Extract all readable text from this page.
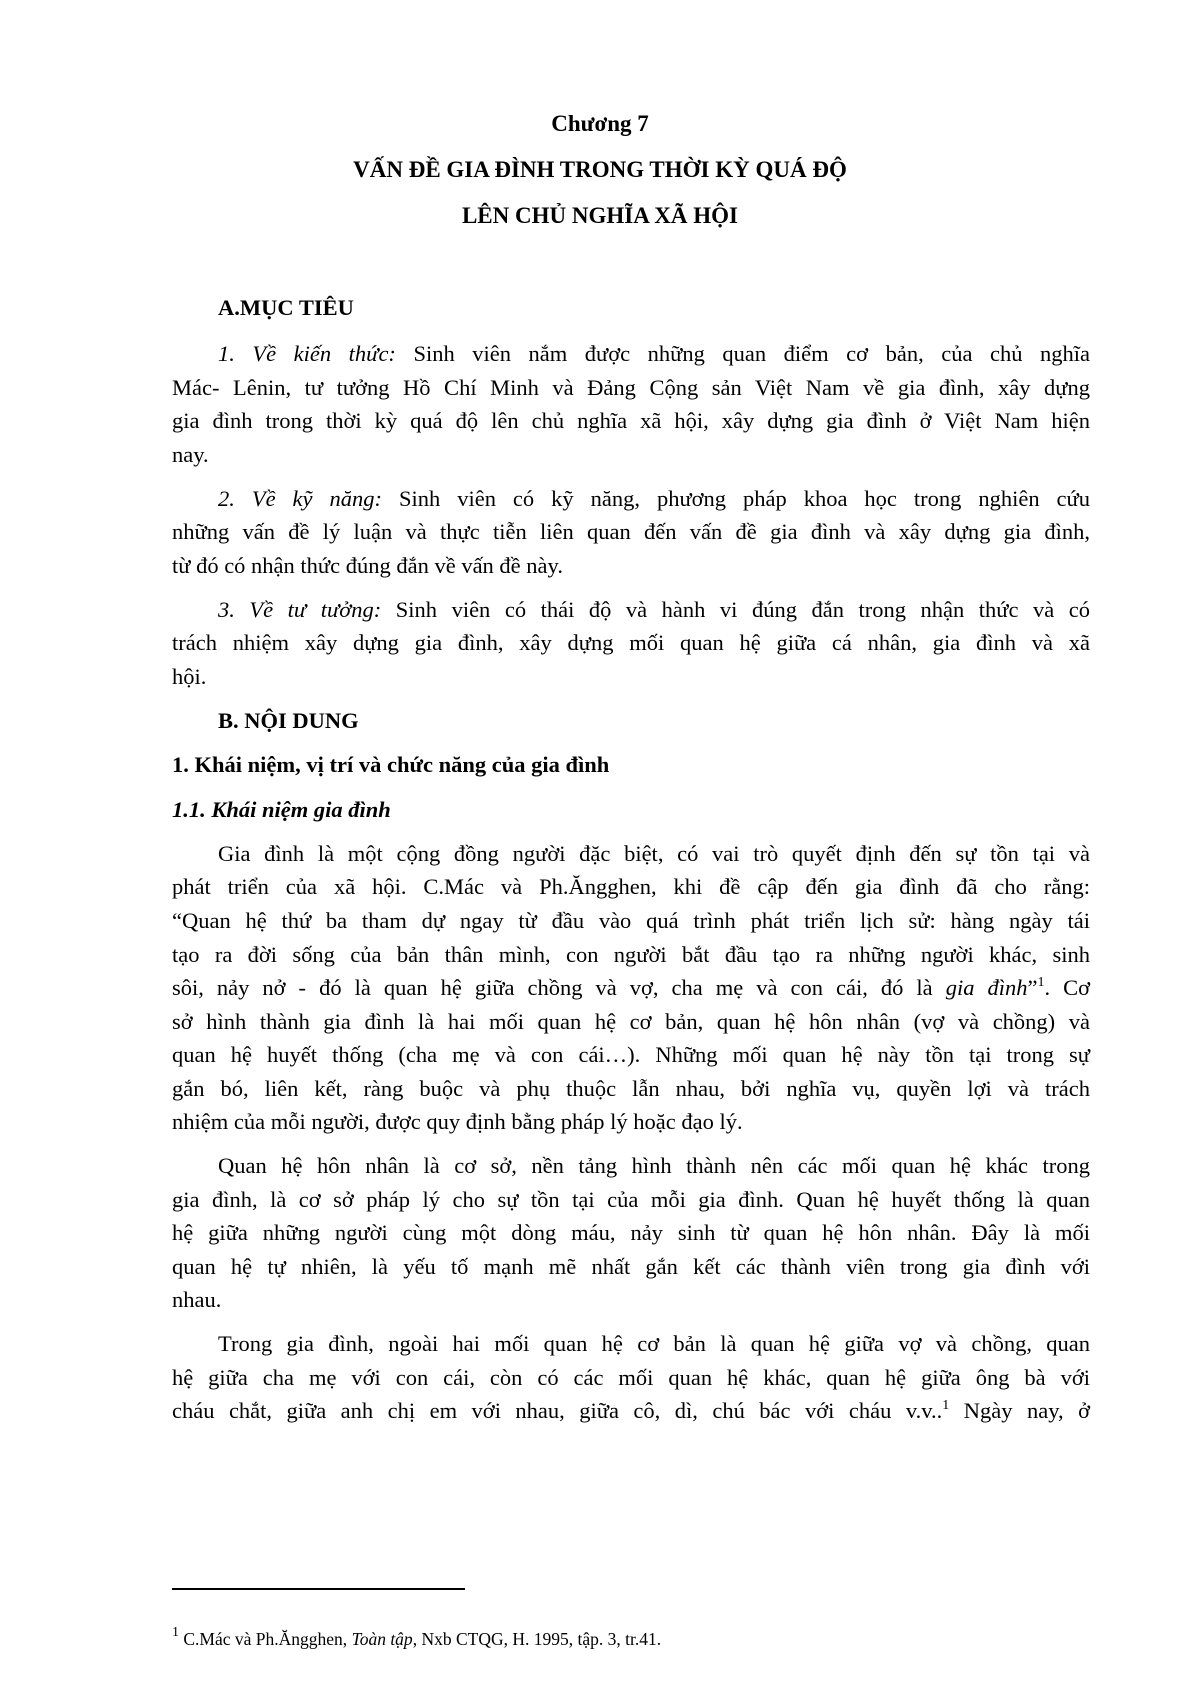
Chương 7
VẤN ĐỀ GIA ĐÌNH TRONG THỜI KỲ QUÁ ĐỘ
LÊN CHỦ NGHĨA XÃ HỘI
A.MỤC TIÊU
1. Về kiến thức: Sinh viên nắm được những quan điểm cơ bản, của chủ nghĩa
Mác- Lênin, tư tưởng Hồ Chí Minh và Đảng Cộng sản Việt Nam về gia đình, xây dựng
gia đình trong thời kỳ quá độ lên chủ nghĩa xã hội, xây dựng gia đình ở Việt Nam hiện
nay.
2. Về kỹ năng: Sinh viên có kỹ năng, phương pháp khoa học trong nghiên cứu
những vấn đề lý luận và thực tiễn liên quan đến vấn đề gia đình và xây dựng gia đình,
từ đó có nhận thức đúng đắn về vấn đề này.
3. Về tư tưởng: Sinh viên có thái độ và hành vi đúng đắn trong nhận thức và có
trách nhiệm xây dựng gia đình, xây dựng mối quan hệ giữa cá nhân, gia đình và xã
hội.
B. NỘI DUNG
1. Khái niệm, vị trí và chức năng của gia đình
1.1. Khái niệm gia đình
Gia đình là một cộng đồng người đặc biệt, có vai trò quyết định đến sự tồn tại và
phát triển của xã hội. C.Mác và Ph.Ăngghen, khi đề cập đến gia đình đã cho rằng:
“Quan hệ thứ ba tham dự ngay từ đầu vào quá trình phát triển lịch sử: hàng ngày tái
tạo ra đời sống của bản thân mình, con người bắt đầu tạo ra những người khác, sinh
sôi, nảy nở - đó là quan hệ giữa chồng và vợ, cha mẹ và con cái, đó là gia đình”$^1$. Cơ
sở hình thành gia đình là hai mối quan hệ cơ bản, quan hệ hôn nhân (vợ và chồng) và
quan hệ huyết thống (cha mẹ và con cái…). Những mối quan hệ này tồn tại trong sự
gắn bó, liên kết, ràng buộc và phụ thuộc lẫn nhau, bởi nghĩa vụ, quyền lợi và trách
nhiệm của mỗi người, được quy định bằng pháp lý hoặc đạo lý.
Quan hệ hôn nhân là cơ sở, nền tảng hình thành nên các mối quan hệ khác trong
gia đình, là cơ sở pháp lý cho sự tồn tại của mỗi gia đình. Quan hệ huyết thống là quan
hệ giữa những người cùng một dòng máu, nảy sinh từ quan hệ hôn nhân. Đây là mối
quan hệ tự nhiên, là yếu tố mạnh mẽ nhất gắn kết các thành viên trong gia đình với
nhau.
Trong gia đình, ngoài hai mối quan hệ cơ bản là quan hệ giữa vợ và chồng, quan
hệ giữa cha mẹ với con cái, còn có các mối quan hệ khác, quan hệ giữa ông bà với
cháu chắt, giữa anh chị em với nhau, giữa cô, dì, chú bác với cháu v.v..$^1$ Ngày nay, ở
$^1$ C.Mác và Ph.Ăngghen, Toàn tập, Nxb CTQG, H. 1995, tập. 3, tr.41.
